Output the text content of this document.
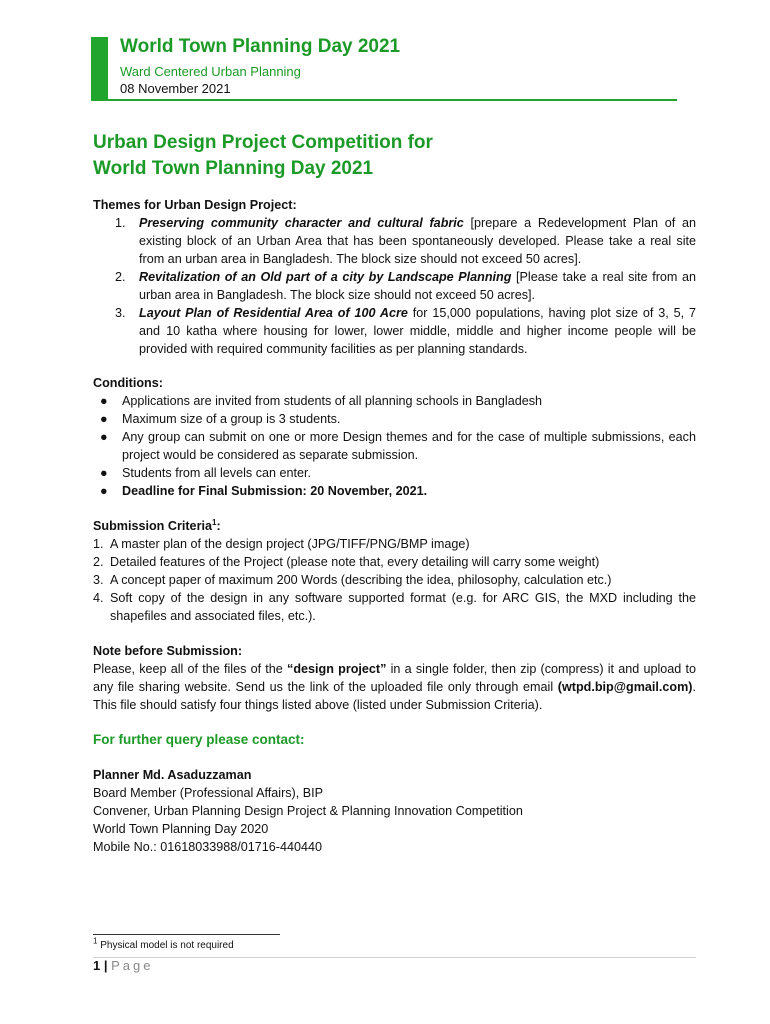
World Town Planning Day 2021
Ward Centered Urban Planning
08 November 2021
Urban Design Project Competition for
World Town Planning Day 2021

Themes for Urban Design Project:

1. Preserving community character and cultural fabric [prepare a Redevelopment Plan of an existing block of an Urban Area that has been spontaneously developed. Please take a real site from an urban area in Bangladesh. The block size should not exceed 50 acres].
2. Revitalization of an Old part of a city by Landscape Planning [Please take a real site from an urban area in Bangladesh. The block size should not exceed 50 acres].
3. Layout Plan of Residential Area of 100 Acre for 15,000 populations, having plot size of 3, 5, 7 and 10 katha where housing for lower, lower middle, middle and higher income people will be provided with required community facilities as per planning standards.

Conditions:

● Applications are invited from students of all planning schools in Bangladesh
● Maximum size of a group is 3 students.
● Any group can submit on one or more Design themes and for the case of multiple submissions, each project would be considered as separate submission.
● Students from all levels can enter.
● Deadline for Final Submission: 20 November, 2021.

Submission Criteria$^1$:

1. A master plan of the design project (JPG/TIFF/PNG/BMP image)
2. Detailed features of the Project (please note that, every detailing will carry some weight)
3. A concept paper of maximum 200 Words (describing the idea, philosophy, calculation etc.)
4. Soft copy of the design in any software supported format (e.g. for ARC GIS, the MXD including the shapefiles and associated files, etc.).

Note before Submission:

Please, keep all of the files of the “design project” in a single folder, then zip (compress) it and upload to any file sharing website. Send us the link of the uploaded file only through email (wtpd.bip@gmail.com). This file should satisfy four things listed above (listed under Submission Criteria).

For further query please contact:

Planner Md. Asaduzzaman

Board Member (Professional Affairs), BIP

Convener, Urban Planning Design Project & Planning Innovation Competition

World Town Planning Day 2020

Mobile No.: 01618033988/01716-440440

$^1$ Physical model is not required
1 | Page
